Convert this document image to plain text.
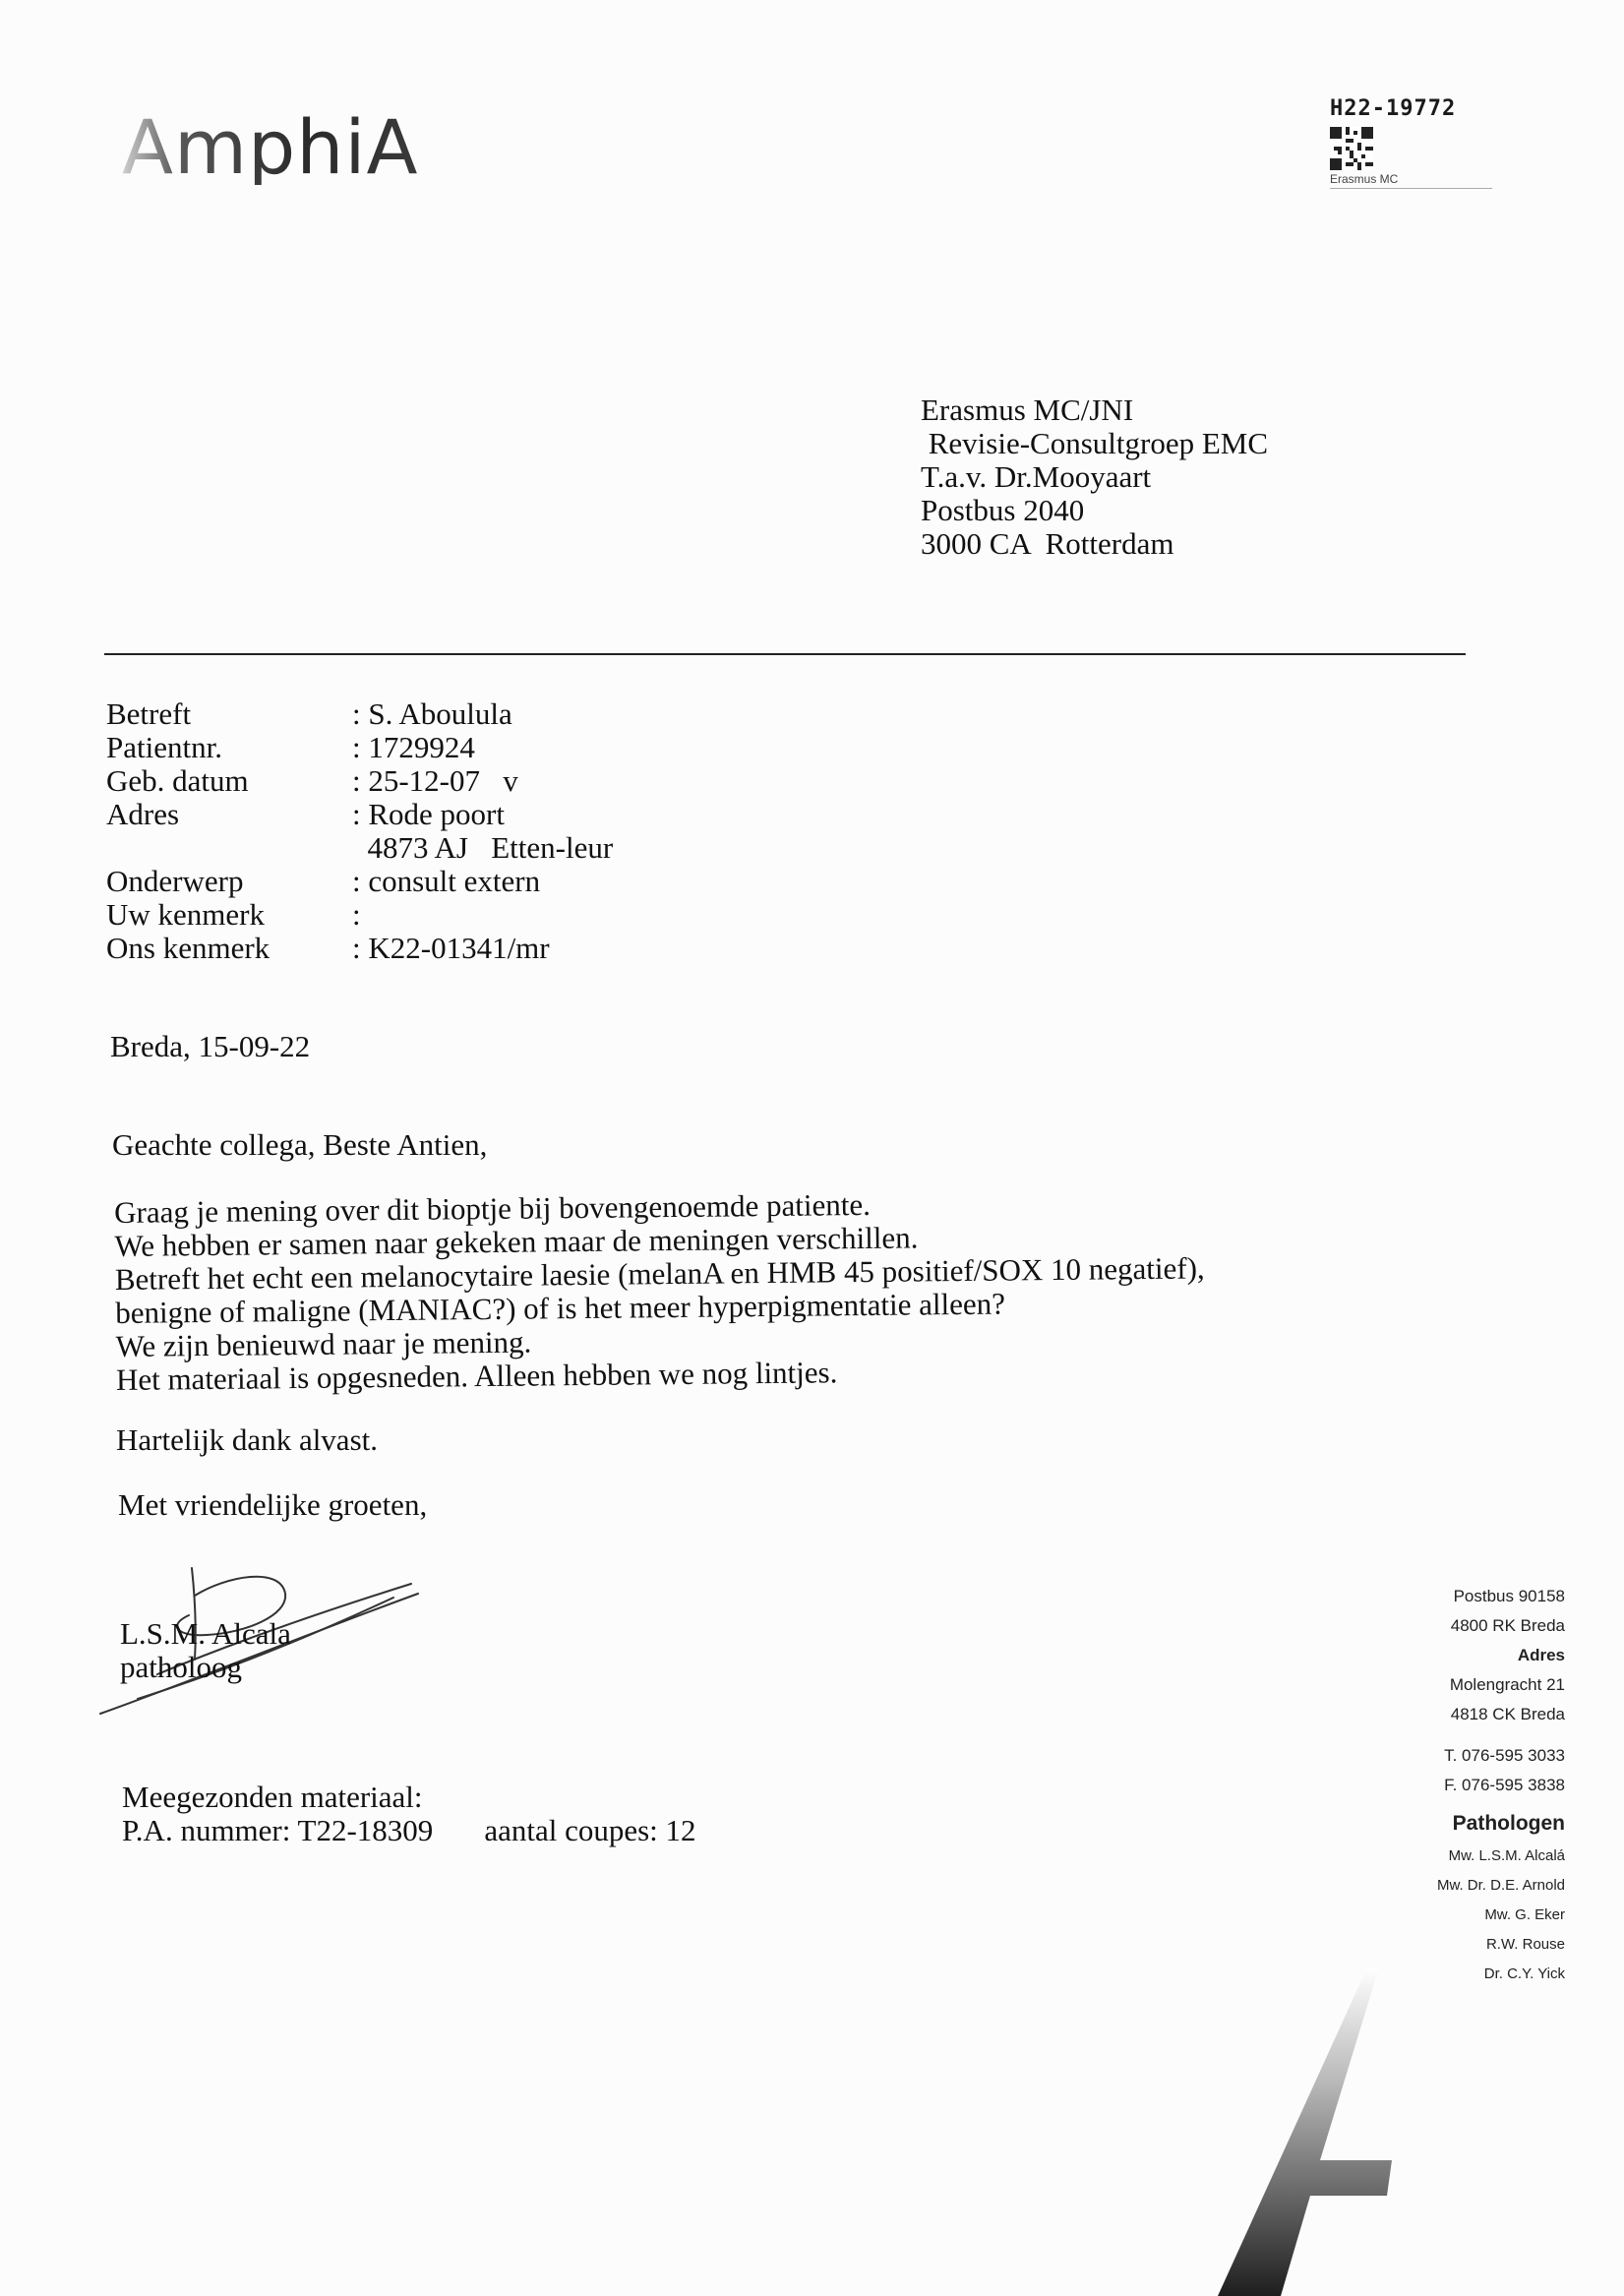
AmphiA	H22-19772
Erasmus MC
Erasmus MC/JNI
Revisie-Consultgroep EMC
T.a.v. Dr.Mooyaart
Postbus 2040
3000 CA  Rotterdam
Betreft	: S. Aboulula
Patientnr.	: 1729924
Geb. datum	: 25-12-07   v
Adres	: Rode poort
4873 AJ   Etten-leur
Onderwerp	: consult extern
Uw kenmerk	:
Ons kenmerk	: K22-01341/mr
Breda, 15-09-22
Geachte collega, Beste Antien,
Graag je mening over dit bioptje bij bovengenoemde patiente.
We hebben er samen naar gekeken maar de meningen verschillen.
Betreft het echt een melanocytaire laesie (melanA en HMB 45 positief/SOX 10 negatief),
benigne of maligne (MANIAC?) of is het meer hyperpigmentatie alleen?
We zijn benieuwd naar je mening.
Het materiaal is opgesneden. Alleen hebben we nog lintjes.
Hartelijk dank alvast.
Met vriendelijke groeten,
L.S.M. Alcala
patholoog
Meegezonden materiaal:
P.A. nummer: T22-18309 aantal coupes: 12
Postbus 90158
4800 RK Breda
Adres
Molengracht 21
4818 CK Breda
T. 076-595 3033
F. 076-595 3838
Pathologen
Mw. L.S.M. Alcalá
Mw. Dr. D.E. Arnold
Mw. G. Eker
R.W. Rouse
Dr. C.Y. Yick
